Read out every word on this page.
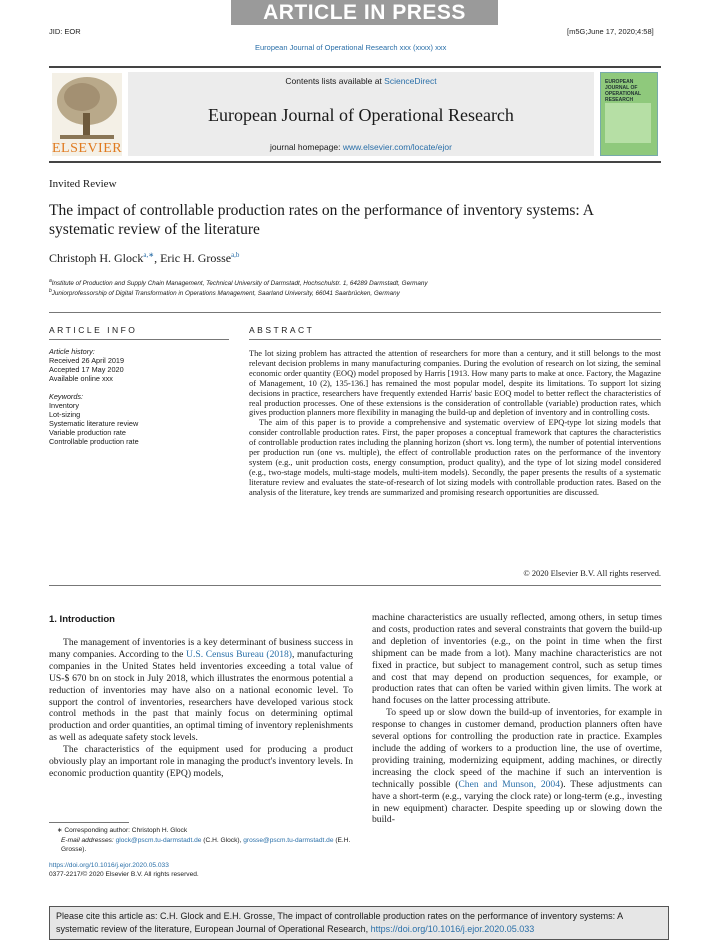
ARTICLE IN PRESS
JID: EOR	[m5G;June 17, 2020;4:58]
European Journal of Operational Research xxx (xxxx) xxx
ELSEVIER
Contents lists available at ScienceDirect
European Journal of Operational Research
journal homepage: www.elsevier.com/locate/ejor
EUROPEAN JOURNAL OF OPERATIONAL RESEARCH
Invited Review
The impact of controllable production rates on the performance of inventory systems: A systematic review of the literature
Christoph H. Glock$^{a,∗}$, Eric H. Grosse$^{a,b}$
$^a$Institute of Production and Supply Chain Management, Technical University of Darmstadt, Hochschulstr. 1, 64289 Darmstadt, Germany
$^b$Juniorprofessorship of Digital Transformation in Operations Management, Saarland University, 66041 Saarbrücken, Germany
ARTICLE INFO
Article history:
Received 26 April 2019
Accepted 17 May 2020
Available online xxx
Keywords:
Inventory
Lot-sizing
Systematic literature review
Variable production rate
Controllable production rate
ABSTRACT

The lot sizing problem has attracted the attention of researchers for more than a century, and it still belongs to the most relevant decision problems in many manufacturing companies. During the evolution of research on lot sizing, the seminal economic order quantity (EOQ) model proposed by Harris [1913. How many parts to make at once. Factory, the Magazine of Management, 10 (2), 135-136.] has remained the most popular model, despite its limitations. To support lot sizing decisions in practice, researchers have frequently extended Harris' basic EOQ model to better reflect the characteristics of real production processes. One of these extensions is the consideration of controllable (variable) production rates, which gives production planners more flexibility in managing the build-up and depletion of inventory and in controlling costs.

The aim of this paper is to provide a comprehensive and systematic overview of EPQ-type lot sizing models that consider controllable production rates. First, the paper proposes a conceptual framework that captures the characteristics of controllable production rates including the planning horizon (short vs. long term), the number of potential interventions per production run (one vs. multiple), the effect of controllable production rates on the performance of the inventory system (e.g., unit production costs, energy consumption, product quality), and the type of lot sizing model considered (e.g., two-stage models, multi-stage models, multi-item models). Secondly, the paper presents the results of a systematic literature review and evaluates the state-of-research of lot sizing models with controllable production rates. Based on the analysis of the literature, key trends are summarized and promising research opportunities are discussed.

© 2020 Elsevier B.V. All rights reserved.
1. Introduction

The management of inventories is a key determinant of business success in many companies. According to the U.S. Census Bureau (2018), manufacturing companies in the United States held inventories exceeding a total value of US-$ 670 bn on stock in July 2018, which illustrates the enormous potential a reduction of inventories may have also on a national economic level. To support the control of inventories, researchers have developed various stock control methods in the past that mainly focus on determining optimal production and order quantities, an optimal timing of inventory replenishments as well as adequate safety stock levels.

The characteristics of the equipment used for producing a product obviously play an important role in managing the product's inventory levels. In economic production quantity (EPQ) models,

machine characteristics are usually reflected, among others, in setup times and costs, production rates and several constraints that govern the build-up and depletion of inventories (e.g., on the point in time when the first shipment can be made from a lot). Many machine characteristics are not fixed in practice, but subject to management control, such as setup times and cost that may depend on production sequences, for example, or production rates that can often be varied within given limits. The work at hand focuses on the latter processing attribute.

To speed up or slow down the build-up of inventories, for example in response to changes in customer demand, production planners often have several options for controlling the production rate in practice. Examples include the adding of workers to a production line, the use of overtime, providing training, modernizing equipment, adding machines, or directly increasing the clock speed of the machine if such an intervention is technically possible (Chen and Munson, 2004). These adjustments can have a short-term (e.g., varying the clock rate) or long-term (e.g., investing in new equipment) character. Despite speeding up or slowing down the build-

∗ Corresponding author: Christoph H. Glock
E-mail addresses: glock@pscm.tu-darmstadt.de (C.H. Glock), grosse@pscm.tu-darmstadt.de (E.H. Grosse).
https://doi.org/10.1016/j.ejor.2020.05.033
0377-2217/© 2020 Elsevier B.V. All rights reserved.
Please cite this article as: C.H. Glock and E.H. Grosse, The impact of controllable production rates on the performance of inventory systems: A systematic review of the literature, European Journal of Operational Research, https://doi.org/10.1016/j.ejor.2020.05.033
